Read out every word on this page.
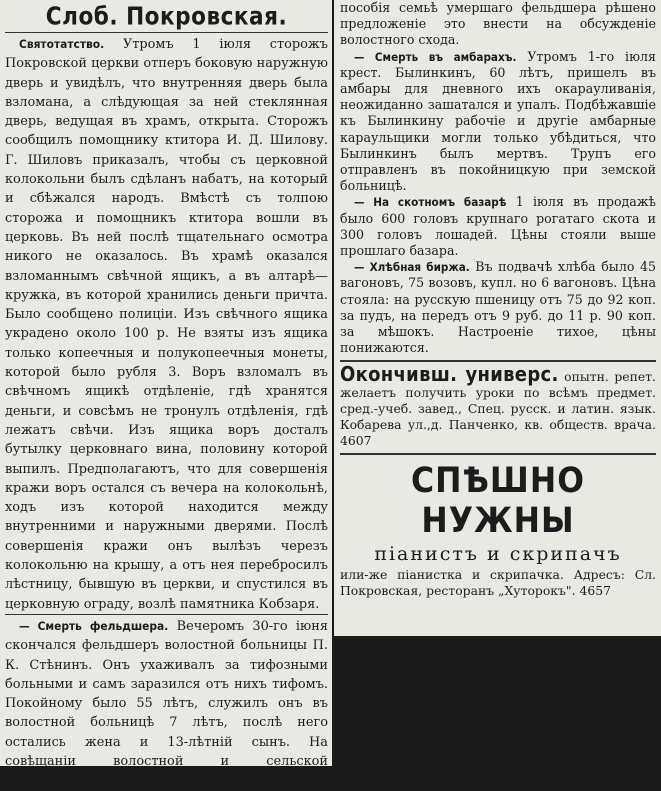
Слоб. Покровская.

Святотатство. Утромъ 1 іюля сторожъ Покровской церкви отперъ боковую наружную дверь и увидѣлъ, что внутренняя дверь была взломана, а слѣдующая за ней стеклянная дверь, ведущая въ храмъ, открыта. Сторожъ сообщилъ помощнику ктитора И. Д. Шилову. Г. Шиловъ приказалъ, чтобы съ церковной колокольни былъ сдѣланъ набатъ, на который и сбѣжался народъ. Вмѣстѣ съ толпою сторожа и помощникъ ктитора вошли въ церковь. Въ ней послѣ тщательнаго осмотра никого не оказалось. Въ храмѣ оказался взломаннымъ свѣчной ящикъ, а въ алтарѣ—кружка, въ которой хранились деньги причта. Было сообщено полиціи. Изъ свѣчного ящика украдено около 100 р. Не взяты изъ ящика только копеечныя и полукопеечныя монеты, которой было рубля 3. Воръ взломалъ въ свѣчномъ ящикѣ отдѣленіе, гдѣ хранятся деньги, и совсѣмъ не тронулъ отдѣленія, гдѣ лежатъ свѣчи. Изъ ящика воръ досталъ бутылку церковнаго вина, половину которой выпилъ. Предполагаютъ, что для совершенія кражи воръ остался съ вечера на колокольнѣ, ходъ изъ которой находится между внутренними и наружными дверями. Послѣ совершенія кражи онъ вылѣзъ черезъ колокольню на крышу, а отъ нея перебросилъ лѣстницу, бывшую въ церкви, и спустился въ церковную ограду, возлѣ памятника Кобзаря.

— Смерть фельдшера. Вечеромъ 30-го іюня скончался фельдшеръ волостной больницы П. К. Стѣнинъ. Онъ ухаживалъ за тифозными больными и самъ заразился отъ нихъ тифомъ. Покойному было 55 лѣтъ, служилъ онъ въ волостной больницѣ 7 лѣтъ, послѣ него остались жена и 13-лѣтній сынъ. На совѣщаніи волостной и сельской администраціи, объ оказаніи

пособія семьѣ умершаго фельдшера рѣшено предложеніе это внести на обсужденіе волостного схода.

— Смерть въ амбарахъ. Утромъ 1-го іюля крест. Былинкинъ, 60 лѣтъ, пришелъ въ амбары для дневного ихъ окарауливанія, неожиданно зашатался и упалъ. Подбѣжавшіе къ Былинкину рабочіе и другіе амбарные караульщики могли только убѣдиться, что Былинкинъ былъ мертвъ. Трупъ его отправленъ въ покойницкую при земской больницѣ.

— На скотномъ базарѣ 1 іюля въ продажѣ было 600 головъ крупнаго рогатаго скота и 300 головъ лошадей. Цѣны стояли выше прошлаго базара.

— Хлѣбная биржа. Въ подвачѣ хлѣба было 45 вагоновъ, 75 возовъ, купл. но 6 вагоновъ. Цѣна стояла: на русскую пшеницу отъ 75 до 92 коп. за пудъ, на передъ отъ 9 руб. до 11 р. 90 коп. за мѣшокъ. Настроеніе тихое, цѣны понижаются.

Окончивш. универс. опытн. репет. желаетъ получить уроки по всѣмъ предмет. сред.-учеб. завед., Спец. русск. и латин. язык. Кобарева ул.,д. Панченко, кв. обществ. врача. 4607
СПѢШНО НУЖНЫ
піанистъ и скрипачъ
или-же піанистка и скрипачка. Адресъ: Сл. Покровская, ресторанъ „Хуторокъ". 4657
